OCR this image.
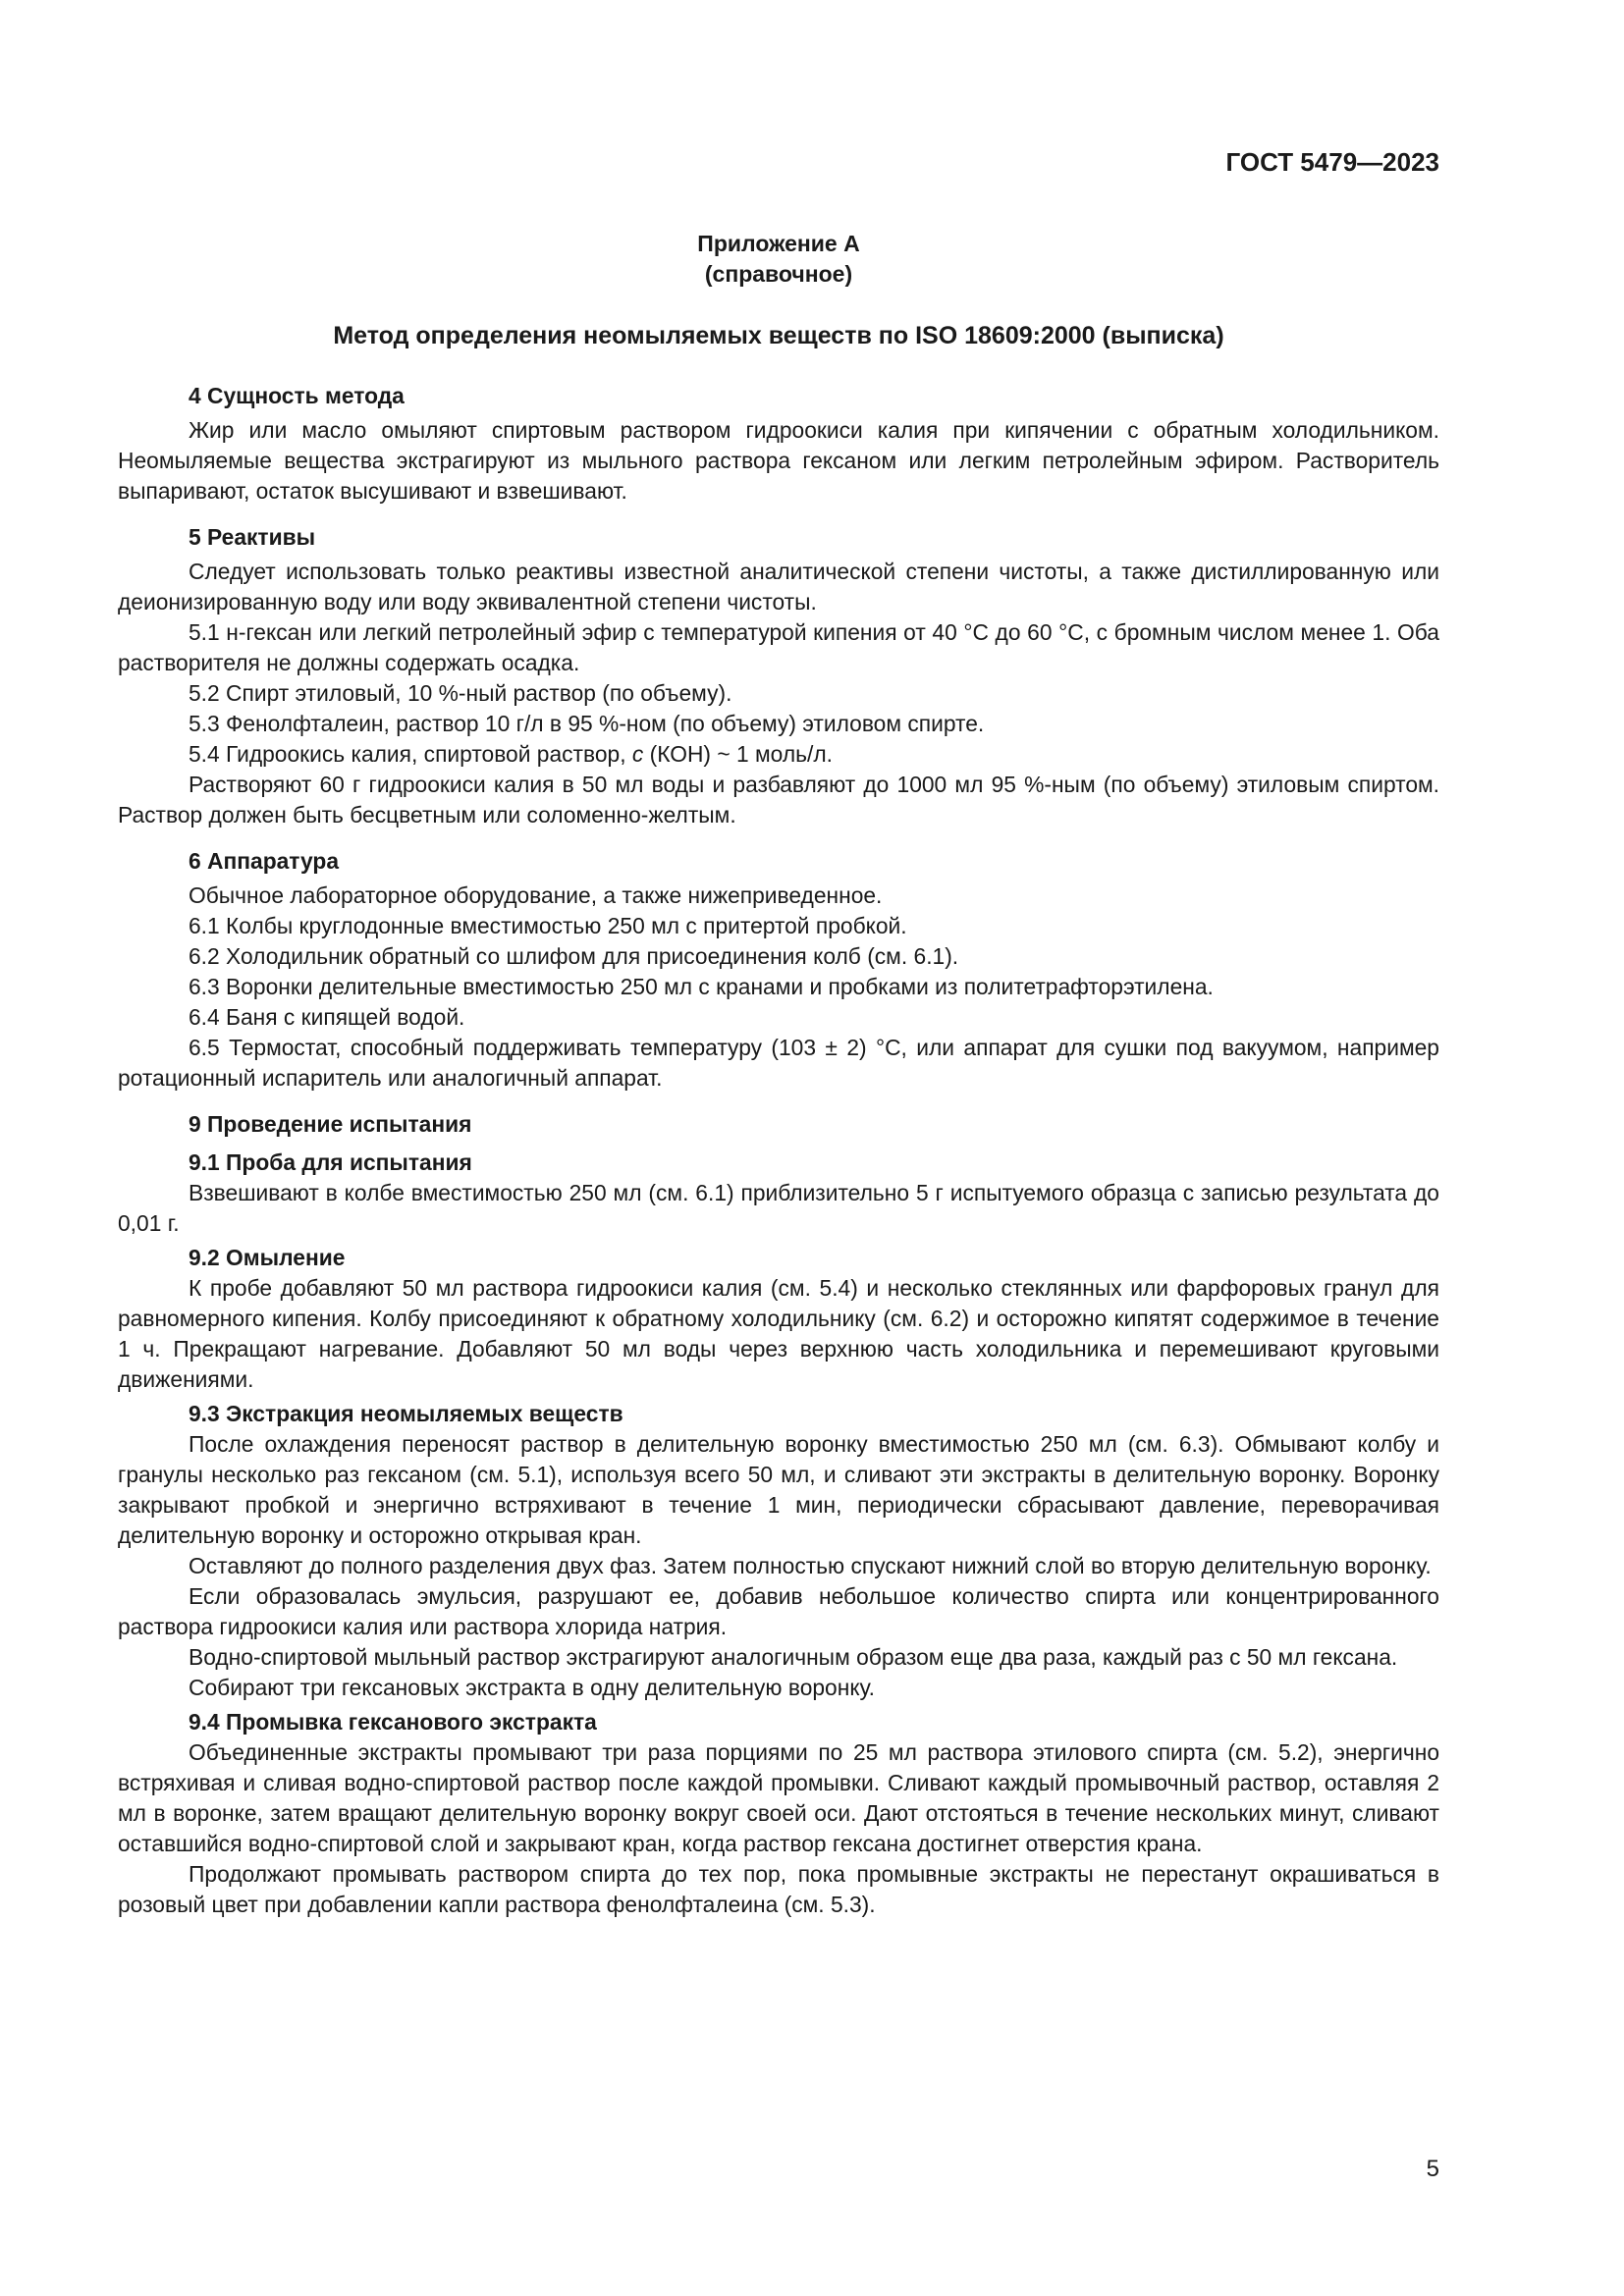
ГОСТ 5479—2023
Приложение А
(справочное)
Метод определения неомыляемых веществ по ISO 18609:2000 (выписка)
4 Сущность метода

Жир или масло омыляют спиртовым раствором гидроокиси калия при кипячении с обратным холодильником. Неомыляемые вещества экстрагируют из мыльного раствора гексаном или легким петролейным эфиром. Растворитель выпаривают, остаток высушивают и взвешивают.

5 Реактивы

Следует использовать только реактивы известной аналитической степени чистоты, а также дистиллированную или деионизированную воду или воду эквивалентной степени чистоты.

5.1 н-гексан или легкий петролейный эфир с температурой кипения от 40 °С до 60 °С, с бромным числом менее 1. Оба растворителя не должны содержать осадка.

5.2 Спирт этиловый, 10 %-ный раствор (по объему).

5.3 Фенолфталеин, раствор 10 г/л в 95 %-ном (по объему) этиловом спирте.

5.4 Гидроокись калия, спиртовой раствор, с (КОН) ~ 1 моль/л.

Растворяют 60 г гидроокиси калия в 50 мл воды и разбавляют до 1000 мл 95 %-ным (по объему) этиловым спиртом. Раствор должен быть бесцветным или соломенно-желтым.

6 Аппаратура

Обычное лабораторное оборудование, а также нижеприведенное.

6.1 Колбы круглодонные вместимостью 250 мл с притертой пробкой.

6.2 Холодильник обратный со шлифом для присоединения колб (см. 6.1).

6.3 Воронки делительные вместимостью 250 мл с кранами и пробками из политетрафторэтилена.

6.4 Баня с кипящей водой.

6.5 Термостат, способный поддерживать температуру (103 ± 2) °С, или аппарат для сушки под вакуумом, например ротационный испаритель или аналогичный аппарат.

9 Проведение испытания
9.1 Проба для испытания

Взвешивают в колбе вместимостью 250 мл (см. 6.1) приблизительно 5 г испытуемого образца с записью результата до 0,01 г.

9.2 Омыление

К пробе добавляют 50 мл раствора гидроокиси калия (см. 5.4) и несколько стеклянных или фарфоровых гранул для равномерного кипения. Колбу присоединяют к обратному холодильнику (см. 6.2) и осторожно кипятят содержимое в течение 1 ч. Прекращают нагревание. Добавляют 50 мл воды через верхнюю часть холодильника и перемешивают круговыми движениями.

9.3 Экстракция неомыляемых веществ

После охлаждения переносят раствор в делительную воронку вместимостью 250 мл (см. 6.3). Обмывают колбу и гранулы несколько раз гексаном (см. 5.1), используя всего 50 мл, и сливают эти экстракты в делительную воронку. Воронку закрывают пробкой и энергично встряхивают в течение 1 мин, периодически сбрасывают давление, переворачивая делительную воронку и осторожно открывая кран.

Оставляют до полного разделения двух фаз. Затем полностью спускают нижний слой во вторую делительную воронку.

Если образовалась эмульсия, разрушают ее, добавив небольшое количество спирта или концентрированного раствора гидроокиси калия или раствора хлорида натрия.

Водно-спиртовой мыльный раствор экстрагируют аналогичным образом еще два раза, каждый раз с 50 мл гексана.

Собирают три гексановых экстракта в одну делительную воронку.

9.4 Промывка гексанового экстракта

Объединенные экстракты промывают три раза порциями по 25 мл раствора этилового спирта (см. 5.2), энергично встряхивая и сливая водно-спиртовой раствор после каждой промывки. Сливают каждый промывочный раствор, оставляя 2 мл в воронке, затем вращают делительную воронку вокруг своей оси. Дают отстояться в течение нескольких минут, сливают оставшийся водно-спиртовой слой и закрывают кран, когда раствор гексана достигнет отверстия крана.

Продолжают промывать раствором спирта до тех пор, пока промывные экстракты не перестанут окрашиваться в розовый цвет при добавлении капли раствора фенолфталеина (см. 5.3).

5
